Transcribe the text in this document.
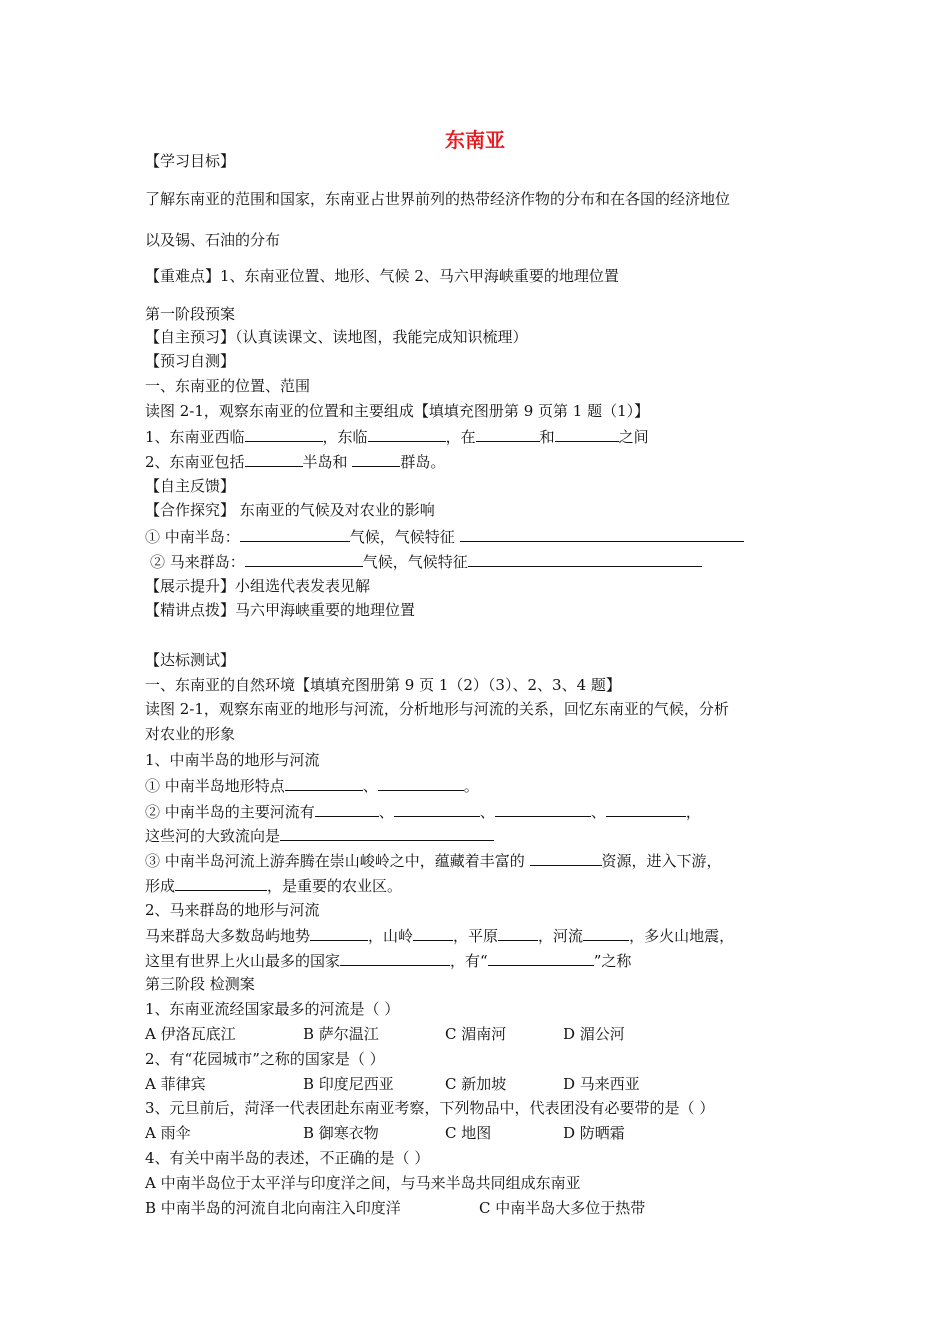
东南亚
【学习目标】
了解东南亚的范围和国家，东南亚占世界前列的热带经济作物的分布和在各国的经济地位
以及锡、石油的分布
【重难点】1、东南亚位置、地形、气候 2、马六甲海峡重要的地理位置
第一阶段预案
【自主预习】（认真读课文、读地图，我能完成知识梳理）
【预习自测】
一、东南亚的位置、范围
读图 2-1，观察东南亚的位置和主要组成【填填充图册第 9 页第 1 题（1）】
1、东南亚西临	，东临	，在	和	之间
2、东南亚包括	半岛和	群岛。
【自主反馈】
【合作探究】 东南亚的气候及对农业的影响
① 中南半岛：	气候，气候特征
② 马来群岛：	气候，气候特征
【展示提升】小组选代表发表见解
【精讲点拨】马六甲海峡重要的地理位置
【达标测试】
一、东南亚的自然环境【填填充图册第 9 页 1（2）（3）、2、3、4 题】
读图 2-1，观察东南亚的地形与河流，分析地形与河流的关系，回忆东南亚的气候，分析
对农业的形象
1、中南半岛的地形与河流
① 中南半岛地形特点	、	。
② 中南半岛的主要河流有	、	、	、	，
这些河的大致流向是
③ 中南半岛河流上游奔腾在崇山峻岭之中，蕴藏着丰富的	资源，进入下游，
形成	，是重要的农业区。
2、马来群岛的地形与河流
马来群岛大多数岛屿地势	，山岭	，平原	，河流	，多火山地震，
这里有世界上火山最多的国家	，有“	”之称
第三阶段 检测案
1、东南亚流经国家最多的河流是（ ）
A 伊洛瓦底江	B 萨尔温江	C 湄南河	D 湄公河
2、有“花园城市”之称的国家是（ ）
A 菲律宾	B 印度尼西亚	C 新加坡	D 马来西亚
3、元旦前后，菏泽一代表团赴东南亚考察，下列物品中，代表团没有必要带的是（ ）
A 雨伞	B 御寒衣物	C 地图	D 防晒霜
4、有关中南半岛的表述，不正确的是（ ）
A 中南半岛位于太平洋与印度洋之间，与马来半岛共同组成东南亚
B 中南半岛的河流自北向南注入印度洋	C 中南半岛大多位于热带
